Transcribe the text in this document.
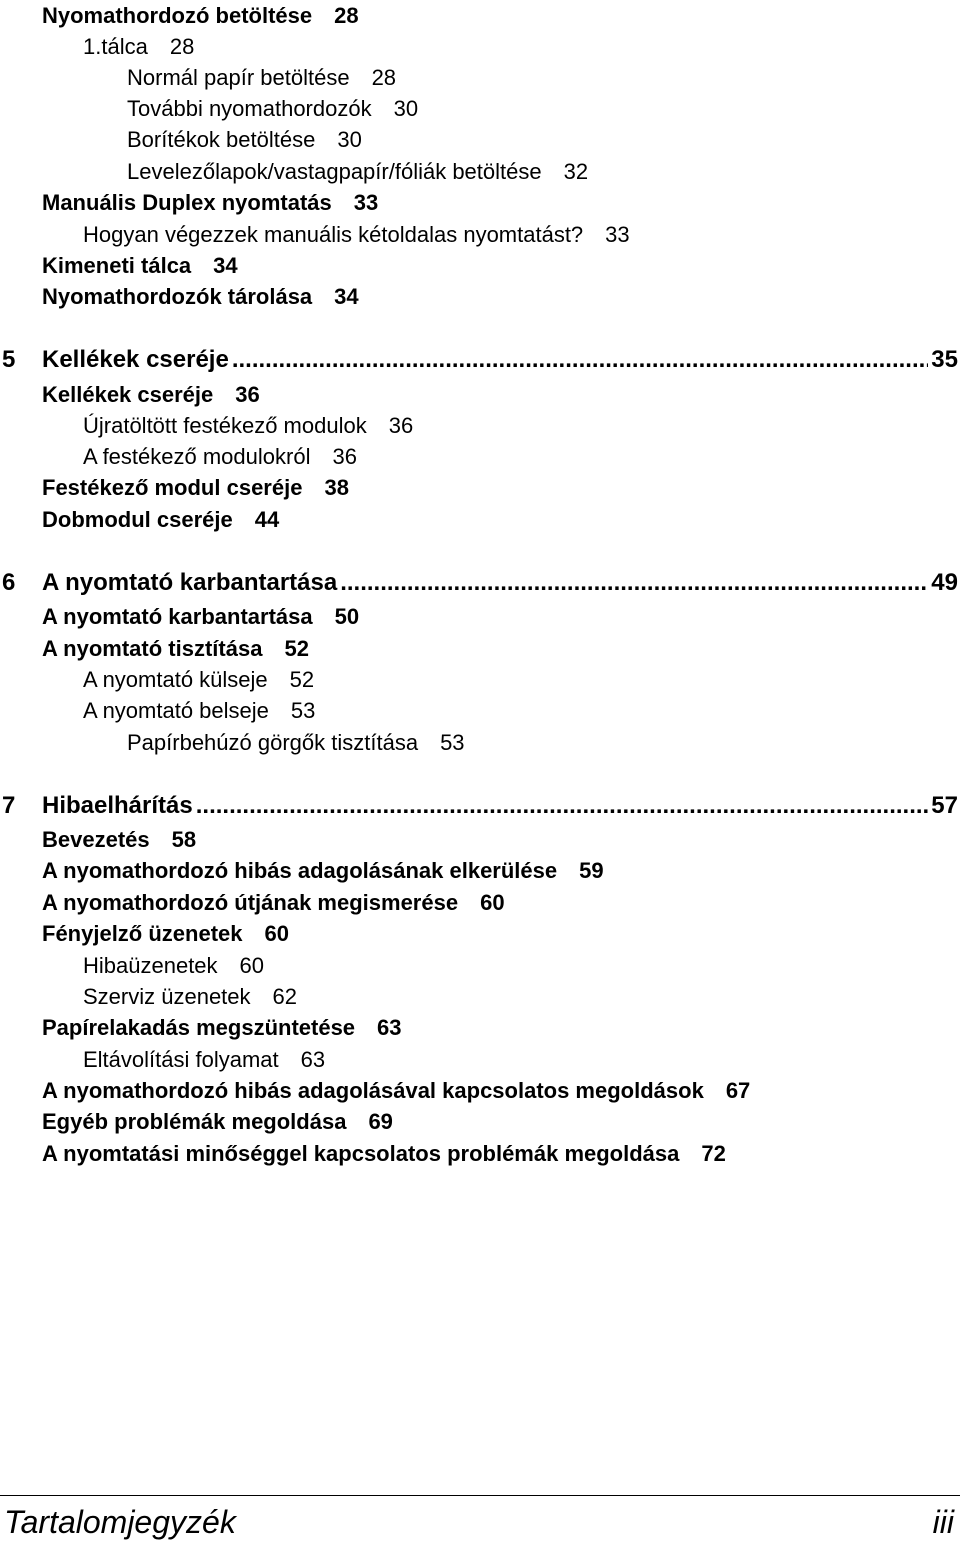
Nyomathordozó betöltése 28
1.tálca 28
Normál papír betöltése 28
További nyomathordozók 30
Borítékok betöltése 30
Levelezőlapok/vastagpapír/fóliák betöltése 32
Manuális Duplex nyomtatás 33
Hogyan végezzek manuális kétoldalas nyomtatást? 33
Kimeneti tálca 34
Nyomathordozók tárolása 34
5	Kellékek cseréje .....	35
Kellékek cseréje 36
Újratöltött festékező modulok 36
A festékező modulokról 36
Festékező modul cseréje 38
Dobmodul cseréje 44
6	A nyomtató karbantartása .....	49
A nyomtató karbantartása 50
A nyomtató tisztítása 52
A nyomtató külseje 52
A nyomtató belseje 53
Papírbehúzó görgők tisztítása 53
7	Hibaelhárítás .....	57
Bevezetés 58
A nyomathordozó hibás adagolásának elkerülése 59
A nyomathordozó útjának megismerése 60
Fényjelző üzenetek 60
Hibaüzenetek 60
Szerviz üzenetek 62
Papírelakadás megszüntetése 63
Eltávolítási folyamat 63
A nyomathordozó hibás adagolásával kapcsolatos megoldások 67
Egyéb problémák megoldása 69
A nyomtatási minőséggel kapcsolatos problémák megoldása 72
Tartalomjegyzék	iii
